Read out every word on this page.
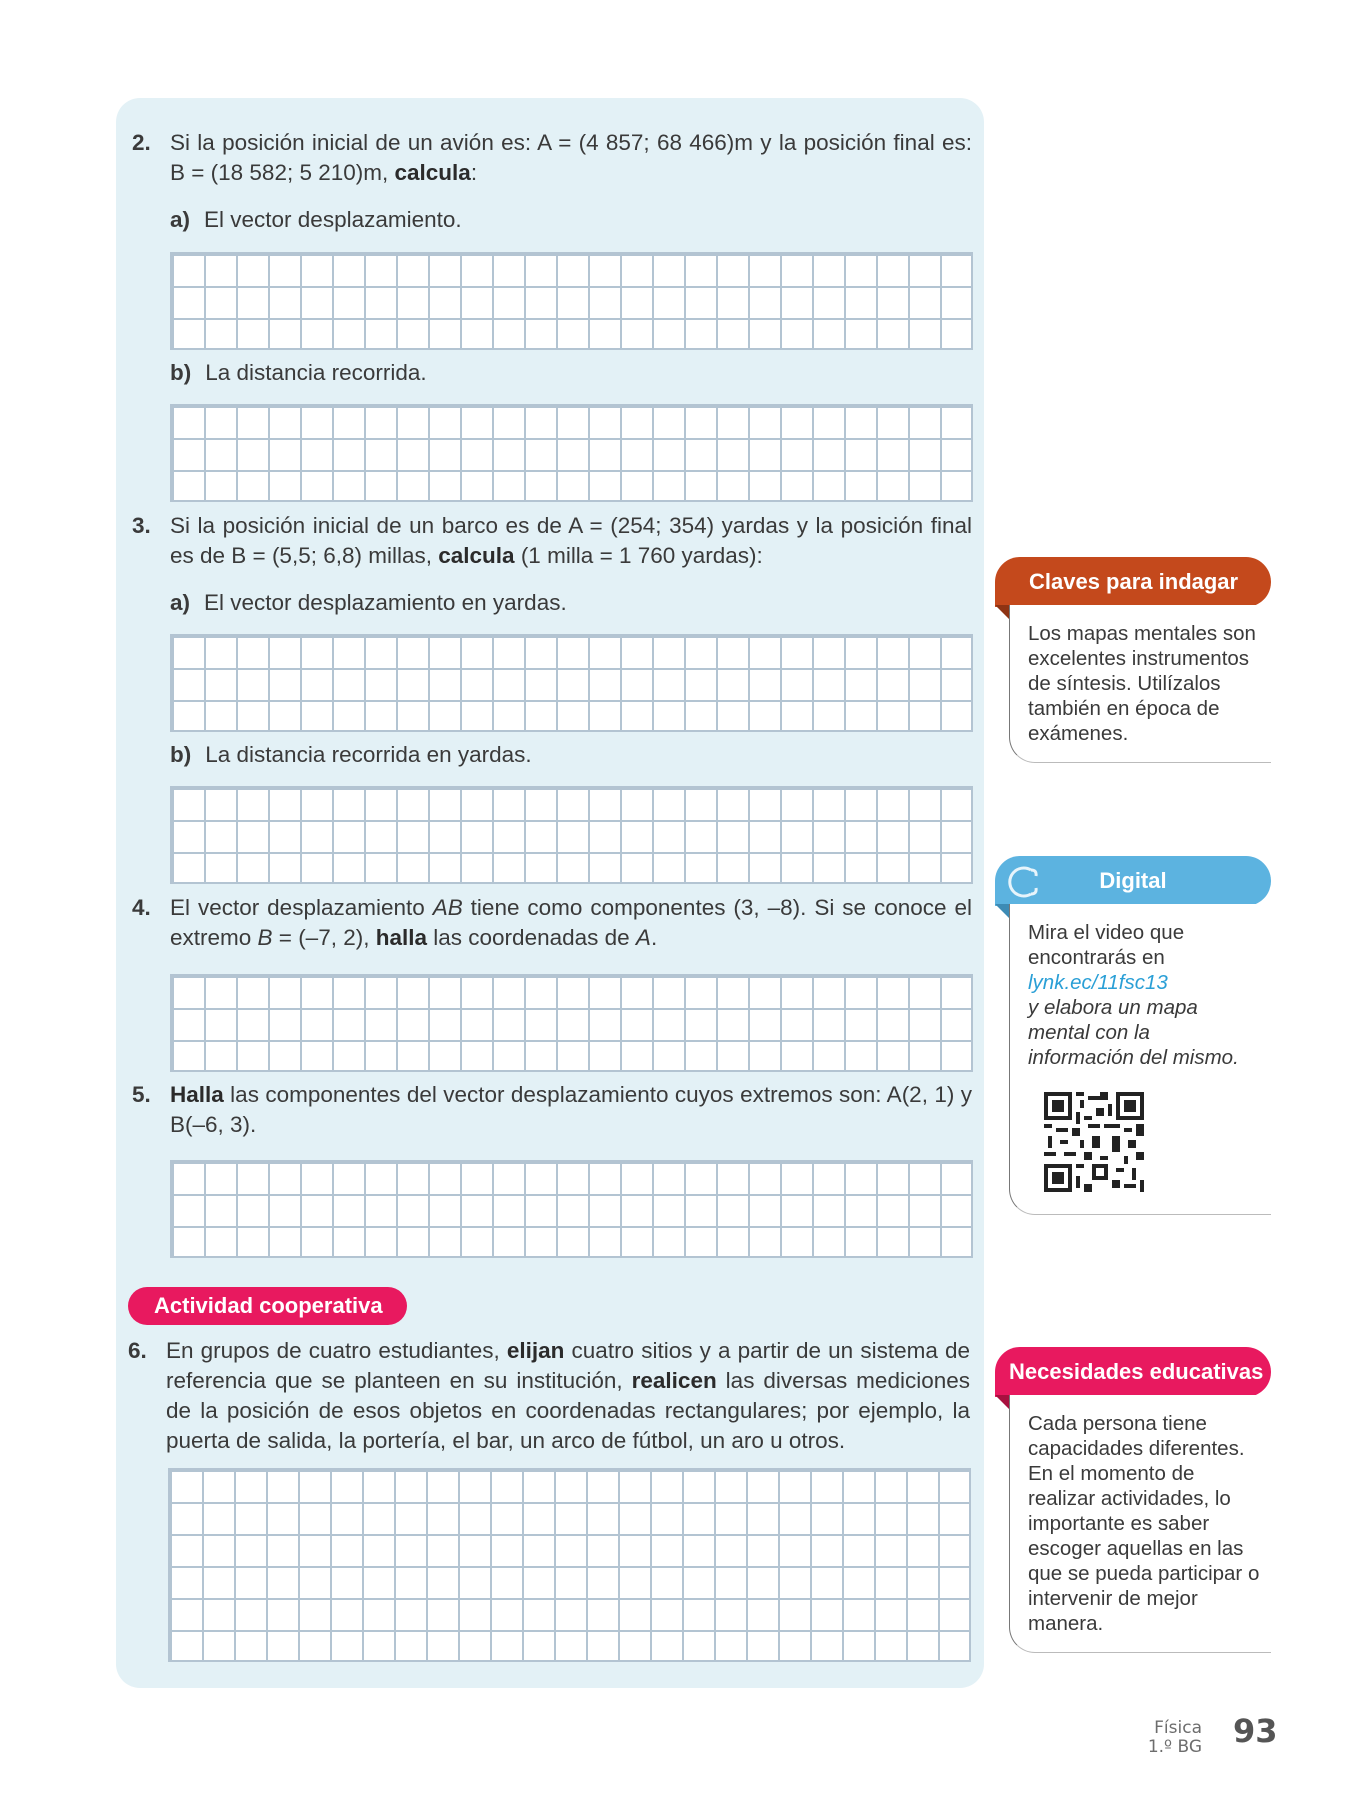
2. Si la posición inicial de un avión es: A = (4 857; 68 466)m y la posición final es: B = (18 582; 5 210)m, calcula:
a) El vector desplazamiento.
b) La distancia recorrida.
3. Si la posición inicial de un barco es de A = (254; 354) yardas y la posición final es de B = (5,5; 6,8) millas, calcula (1 milla = 1 760 yardas):
a) El vector desplazamiento en yardas.
b) La distancia recorrida en yardas.
4. El vector desplazamiento AB tiene como componentes (3, –8). Si se conoce el extremo B = (–7, 2), halla las coordenadas de A.
5. Halla las componentes del vector desplazamiento cuyos extremos son: A(2, 1) y B(–6, 3).
Actividad cooperativa
6. En grupos de cuatro estudiantes, elijan cuatro sitios y a partir de un sistema de referencia que se planteen en su institución, realicen las diversas mediciones de la posición de esos objetos en coordenadas rectangulares; por ejemplo, la puerta de salida, la portería, el bar, un arco de fútbol, un aro u otros.
Claves para indagar
Los mapas mentales son excelentes instrumentos de síntesis. Utilízalos también en época de exámenes.
Digital
Mira el video que encontrarás en
lynk.ec/11fsc13
y elabora un mapa mental con la información del mismo.
Necesidades educativas
Cada persona tiene capacidades diferentes. En el momento de realizar actividades, lo importante es saber escoger aquellas en las que se pueda participar o intervenir de mejor manera.
Física
1.º BG 93
